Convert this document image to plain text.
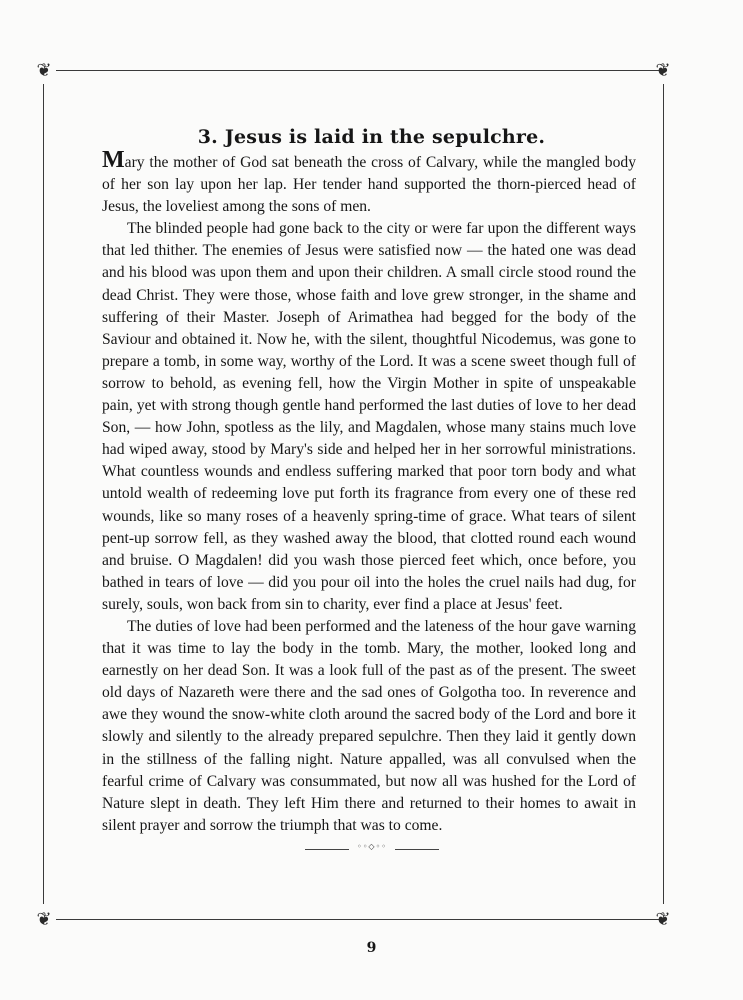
❦	❦
❦	❦
3. Jesus is laid in the sepulchre.

Mary the mother of God sat beneath the cross of Calvary, while the mangled body of her son lay upon her lap. Her tender hand supported the thorn-pierced head of Jesus, the loveliest among the sons of men.

The blinded people had gone back to the city or were far upon the different ways that led thither. The enemies of Jesus were satisfied now — the hated one was dead and his blood was upon them and upon their children. A small circle stood round the dead Christ. They were those, whose faith and love grew stronger, in the shame and suffering of their Master. Joseph of Arimathea had begged for the body of the Saviour and obtained it. Now he, with the silent, thoughtful Nicodemus, was gone to prepare a tomb, in some way, worthy of the Lord. It was a scene sweet though full of sorrow to behold, as evening fell, how the Virgin Mother in spite of unspeakable pain, yet with strong though gentle hand performed the last duties of love to her dead Son, — how John, spotless as the lily, and Magdalen, whose many stains much love had wiped away, stood by Mary's side and helped her in her sorrowful ministrations. What countless wounds and endless suffering marked that poor torn body and what untold wealth of redeeming love put forth its fragrance from every one of these red wounds, like so many roses of a heavenly spring-time of grace. What tears of silent pent-up sorrow fell, as they washed away the blood, that clotted round each wound and bruise. O Magdalen! did you wash those pierced feet which, once before, you bathed in tears of love — did you pour oil into the holes the cruel nails had dug, for surely, souls, won back from sin to charity, ever find a place at Jesus' feet.

The duties of love had been performed and the lateness of the hour gave warning that it was time to lay the body in the tomb. Mary, the mother, looked long and earnestly on her dead Son. It was a look full of the past as of the present. The sweet old days of Nazareth were there and the sad ones of Golgotha too. In reverence and awe they wound the snow-white cloth around the sacred body of the Lord and bore it slowly and silently to the already prepared sepulchre. Then they laid it gently down in the stillness of the falling night. Nature appalled, was all convulsed when the fearful crime of Calvary was consummated, but now all was hushed for the Lord of Nature slept in death. They left Him there and returned to their homes to await in silent prayer and sorrow the triumph that was to come.

◦◦◇◦◦
9
